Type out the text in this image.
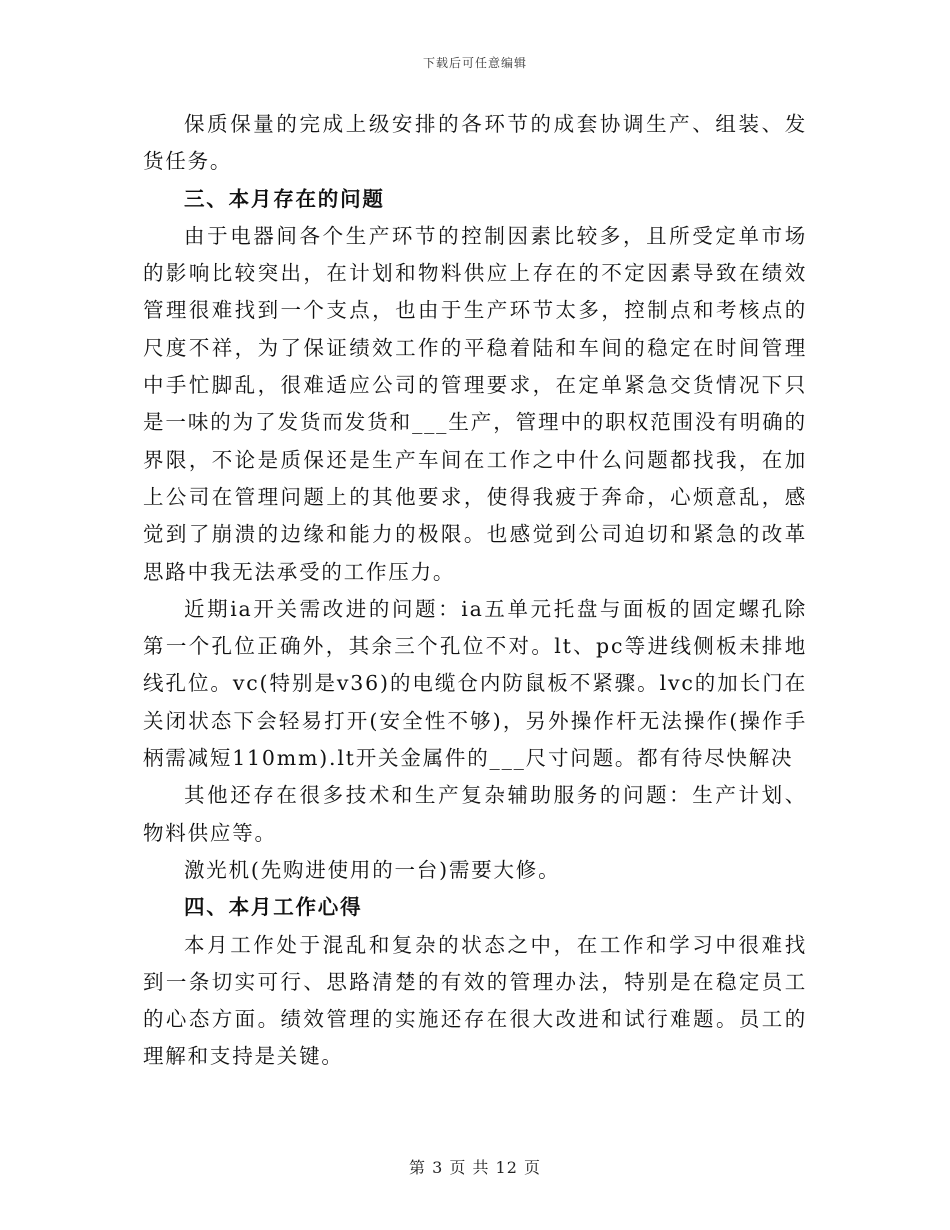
下载后可任意编辑

保质保量的完成上级安排的各环节的成套协调生产、组装、发货任务。

三、本月存在的问题

由于电器间各个生产环节的控制因素比较多，且所受定单市场的影响比较突出，在计划和物料供应上存在的不定因素导致在绩效管理很难找到一个支点，也由于生产环节太多，控制点和考核点的尺度不祥，为了保证绩效工作的平稳着陆和车间的稳定在时间管理中手忙脚乱，很难适应公司的管理要求，在定单紧急交货情况下只是一味的为了发货而发货和___生产，管理中的职权范围没有明确的界限，不论是质保还是生产车间在工作之中什么问题都找我，在加上公司在管理问题上的其他要求，使得我疲于奔命，心烦意乱，感觉到了崩溃的边缘和能力的极限。也感觉到公司迫切和紧急的改革思路中我无法承受的工作压力。

近期ia开关需改进的问题：ia五单元托盘与面板的固定螺孔除第一个孔位正确外，其余三个孔位不对。lt、pc等进线侧板未排地线孔位。vc(特别是v36)的电缆仓内防鼠板不紧骤。lvc的加长门在关闭状态下会轻易打开(安全性不够)，另外操作杆无法操作(操作手柄需减短110mm).lt开关金属件的___尺寸问题。都有待尽快解决

其他还存在很多技术和生产复杂辅助服务的问题：生产计划、物料供应等。

激光机(先购进使用的一台)需要大修。

四、本月工作心得

本月工作处于混乱和复杂的状态之中，在工作和学习中很难找到一条切实可行、思路清楚的有效的管理办法，特别是在稳定员工的心态方面。绩效管理的实施还存在很大改进和试行难题。员工的理解和支持是关键。

第 3 页 共 12 页
